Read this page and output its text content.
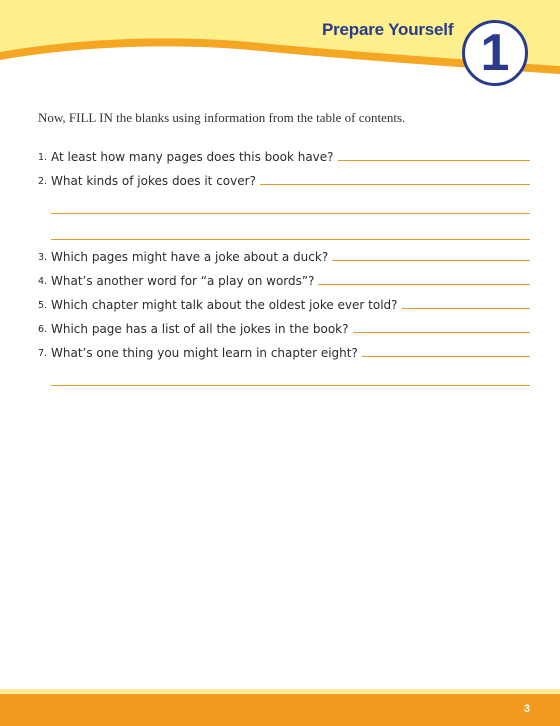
Prepare Yourself 1
Now, FILL IN the blanks using information from the table of contents.
1. At least how many pages does this book have?
2. What kinds of jokes does it cover?
3. Which pages might have a joke about a duck?
4. What’s another word for “a play on words”?
5. Which chapter might talk about the oldest joke ever told?
6. Which page has a list of all the jokes in the book?
7. What’s one thing you might learn in chapter eight?
3
